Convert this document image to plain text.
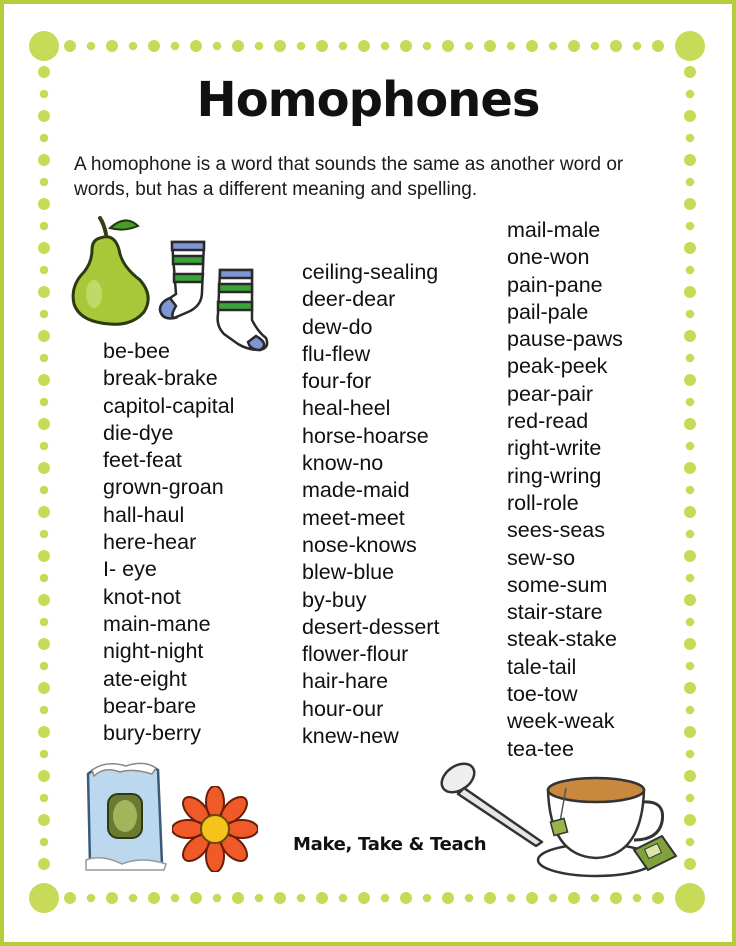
Homophones

A homophone is a word that sounds the same as another word or words, but has a different meaning and spelling.

be-bee
break-brake
capitol-capital
die-dye
feet-feat
grown-groan
hall-haul
here-hear
I- eye
knot-not
main-mane
night-night
ate-eight
bear-bare
bury-berry
ceiling-sealing
deer-dear
dew-do
flu-flew
four-for
heal-heel
horse-hoarse
know-no
made-maid
meet-meet
nose-knows
blew-blue
by-buy
desert-dessert
flower-flour
hair-hare
hour-our
knew-new
mail-male
one-won
pain-pane
pail-pale
pause-paws
peak-peek
pear-pair
red-read
right-write
ring-wring
roll-role
sees-seas
sew-so
some-sum
stair-stare
steak-stake
tale-tail
toe-tow
week-weak
tea-tee

Make, Take & Teach
